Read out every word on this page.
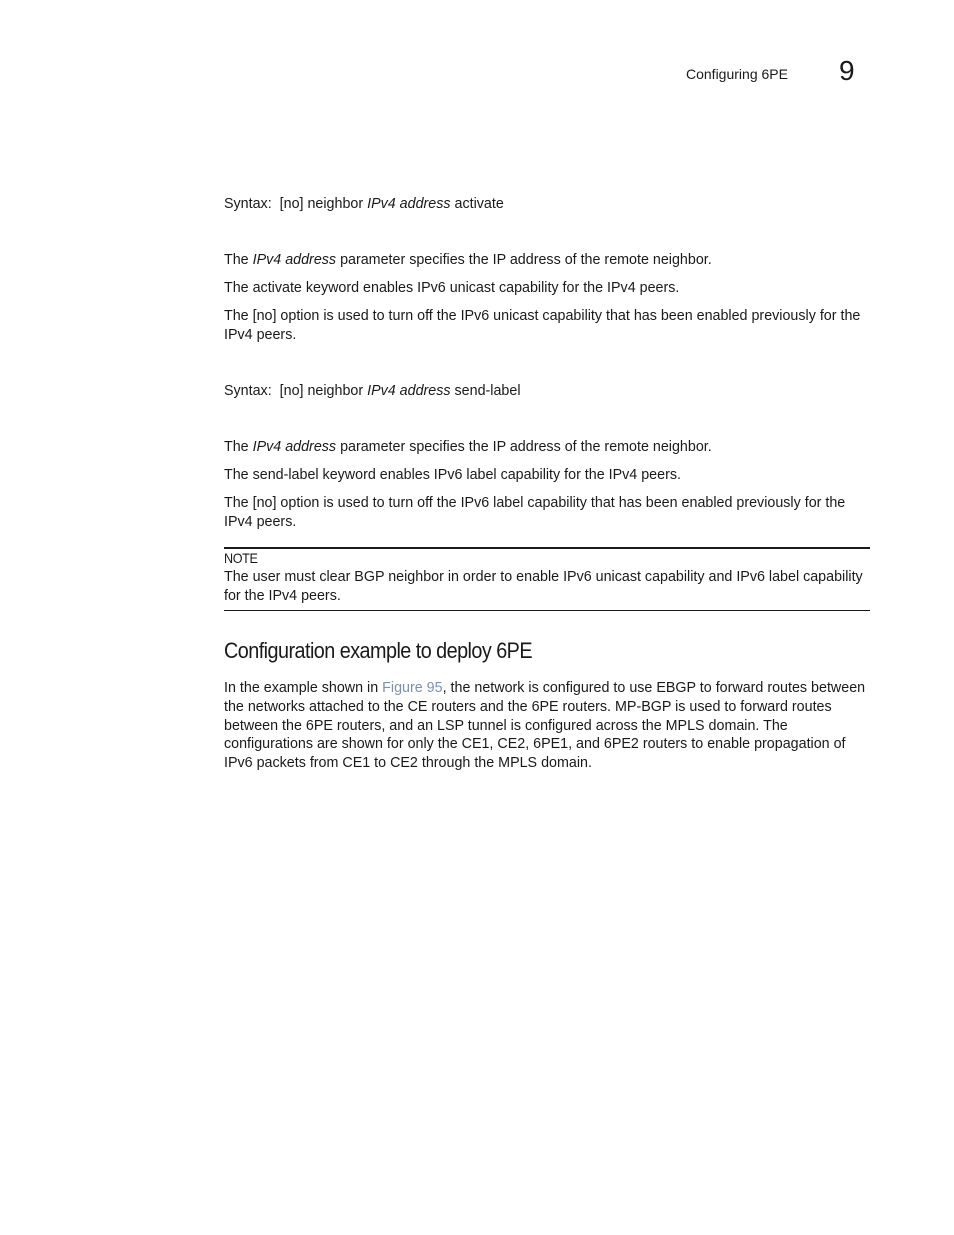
Configuring 6PE 9
Syntax: [no] neighbor IPv4 address activate
The IPv4 address parameter specifies the IP address of the remote neighbor.
The activate keyword enables IPv6 unicast capability for the IPv4 peers.
The [no] option is used to turn off the IPv6 unicast capability that has been enabled previously for the IPv4 peers.
Syntax: [no] neighbor IPv4 address send-label
The IPv4 address parameter specifies the IP address of the remote neighbor.
The send-label keyword enables IPv6 label capability for the IPv4 peers.
The [no] option is used to turn off the IPv6 label capability that has been enabled previously for the IPv4 peers.
NOTE
The user must clear BGP neighbor in order to enable IPv6 unicast capability and IPv6 label capability for the IPv4 peers.
Configuration example to deploy 6PE
In the example shown in Figure 95, the network is configured to use EBGP to forward routes between the networks attached to the CE routers and the 6PE routers. MP-BGP is used to forward routes between the 6PE routers, and an LSP tunnel is configured across the MPLS domain. The configurations are shown for only the CE1, CE2, 6PE1, and 6PE2 routers to enable propagation of IPv6 packets from CE1 to CE2 through the MPLS domain.
